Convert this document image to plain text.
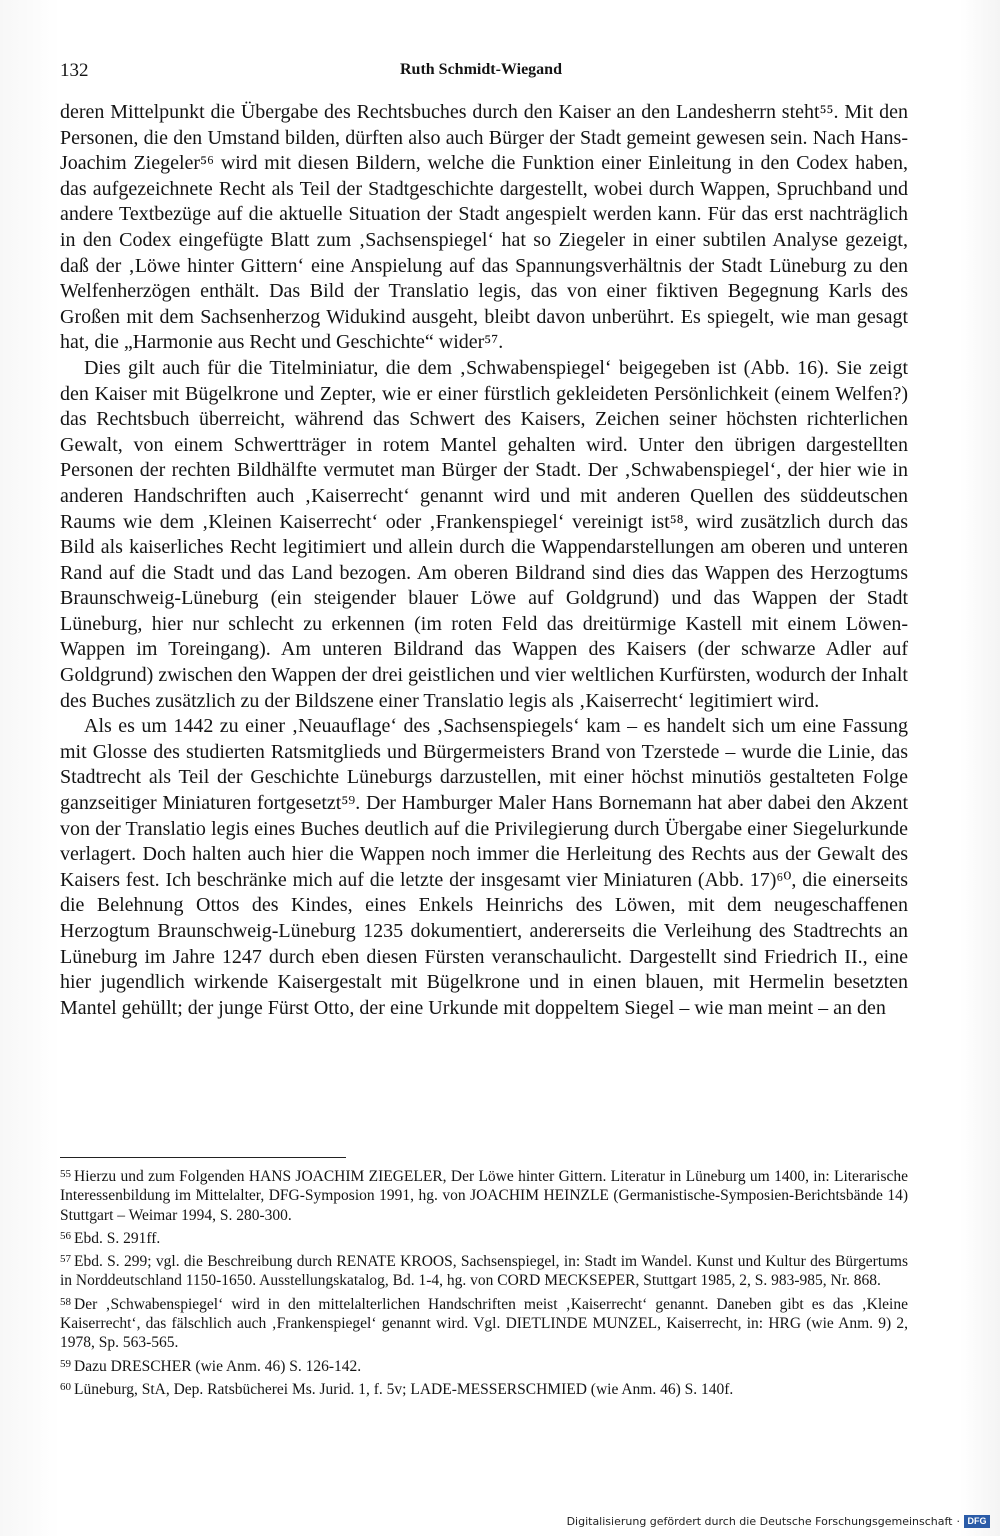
132	Ruth Schmidt-Wiegand

deren Mittelpunkt die Übergabe des Rechtsbuches durch den Kaiser an den Landesherrn steht⁵⁵. Mit den Personen, die den Umstand bilden, dürften also auch Bürger der Stadt gemeint gewesen sein. Nach Hans-Joachim Ziegeler⁵⁶ wird mit diesen Bildern, welche die Funktion einer Einleitung in den Codex haben, das aufgezeichnete Recht als Teil der Stadtgeschichte dargestellt, wobei durch Wappen, Spruchband und andere Textbezüge auf die aktuelle Situation der Stadt angespielt werden kann. Für das erst nachträglich in den Codex eingefügte Blatt zum ‚Sachsenspiegel‘ hat so Ziegeler in einer subtilen Analyse gezeigt, daß der ‚Löwe hinter Gittern‘ eine Anspielung auf das Spannungsverhältnis der Stadt Lüneburg zu den Welfenherzögen enthält. Das Bild der Translatio legis, das von einer fiktiven Begegnung Karls des Großen mit dem Sachsenherzog Widukind ausgeht, bleibt davon unberührt. Es spiegelt, wie man gesagt hat, die „Harmonie aus Recht und Geschichte“ wider⁵⁷.

Dies gilt auch für die Titelminiatur, die dem ‚Schwabenspiegel‘ beigegeben ist (Abb. 16). Sie zeigt den Kaiser mit Bügelkrone und Zepter, wie er einer fürstlich gekleideten Persönlichkeit (einem Welfen?) das Rechtsbuch überreicht, während das Schwert des Kaisers, Zeichen seiner höchsten richterlichen Gewalt, von einem Schwertträger in rotem Mantel gehalten wird. Unter den übrigen dargestellten Personen der rechten Bildhälfte vermutet man Bürger der Stadt. Der ‚Schwabenspiegel‘, der hier wie in anderen Handschriften auch ‚Kaiserrecht‘ genannt wird und mit anderen Quellen des süddeutschen Raums wie dem ‚Kleinen Kaiserrecht‘ oder ‚Frankenspiegel‘ vereinigt ist⁵⁸, wird zusätzlich durch das Bild als kaiserliches Recht legitimiert und allein durch die Wappendarstellungen am oberen und unteren Rand auf die Stadt und das Land bezogen. Am oberen Bildrand sind dies das Wappen des Herzogtums Braunschweig-Lüneburg (ein steigender blauer Löwe auf Goldgrund) und das Wappen der Stadt Lüneburg, hier nur schlecht zu erkennen (im roten Feld das dreitürmige Kastell mit einem Löwen-Wappen im Toreingang). Am unteren Bildrand das Wappen des Kaisers (der schwarze Adler auf Goldgrund) zwischen den Wappen der drei geistlichen und vier weltlichen Kurfürsten, wodurch der Inhalt des Buches zusätzlich zu der Bildszene einer Translatio legis als ‚Kaiserrecht‘ legitimiert wird.

Als es um 1442 zu einer ‚Neuauflage‘ des ‚Sachsenspiegels‘ kam – es handelt sich um eine Fassung mit Glosse des studierten Ratsmitglieds und Bürgermeisters Brand von Tzerstede – wurde die Linie, das Stadtrecht als Teil der Geschichte Lüneburgs darzustellen, mit einer höchst minutiös gestalteten Folge ganzseitiger Miniaturen fortgesetzt⁵⁹. Der Hamburger Maler Hans Bornemann hat aber dabei den Akzent von der Translatio legis eines Buches deutlich auf die Privilegierung durch Übergabe einer Siegelurkunde verlagert. Doch halten auch hier die Wappen noch immer die Herleitung des Rechts aus der Gewalt des Kaisers fest. Ich beschränke mich auf die letzte der insgesamt vier Miniaturen (Abb. 17)⁶⁰, die einerseits die Belehnung Ottos des Kindes, eines Enkels Heinrichs des Löwen, mit dem neugeschaffenen Herzogtum Braunschweig-Lüneburg 1235 dokumentiert, andererseits die Verleihung des Stadtrechts an Lüneburg im Jahre 1247 durch eben diesen Fürsten veranschaulicht. Dargestellt sind Friedrich II., eine hier jugendlich wirkende Kaisergestalt mit Bügelkrone und in einen blauen, mit Hermelin besetzten Mantel gehüllt; der junge Fürst Otto, der eine Urkunde mit doppeltem Siegel – wie man meint – an den

$^{55}$ Hierzu und zum Folgenden HANS JOACHIM ZIEGELER, Der Löwe hinter Gittern. Literatur in Lüneburg um 1400, in: Literarische Interessenbildung im Mittelalter, DFG-Symposion 1991, hg. von JOACHIM HEINZLE (Germanistische-Symposien-Berichtsbände 14) Stuttgart – Weimar 1994, S. 280-300.

$^{56}$ Ebd. S. 291ff.

$^{57}$ Ebd. S. 299; vgl. die Beschreibung durch RENATE KROOS, Sachsenspiegel, in: Stadt im Wandel. Kunst und Kultur des Bürgertums in Norddeutschland 1150-1650. Ausstellungskatalog, Bd. 1-4, hg. von CORD MECKSEPER, Stuttgart 1985, 2, S. 983-985, Nr. 868.

$^{58}$ Der ‚Schwabenspiegel‘ wird in den mittelalterlichen Handschriften meist ‚Kaiserrecht‘ genannt. Daneben gibt es das ‚Kleine Kaiserrecht‘, das fälschlich auch ‚Frankenspiegel‘ genannt wird. Vgl. DIETLINDE MUNZEL, Kaiserrecht, in: HRG (wie Anm. 9) 2, 1978, Sp. 563-565.

$^{59}$ Dazu DRESCHER (wie Anm. 46) S. 126-142.

$^{60}$ Lüneburg, StA, Dep. Ratsbücherei Ms. Jurid. 1, f. 5v; LADE-MESSERSCHMIED (wie Anm. 46) S. 140f.

Digitalisierung gefördert durch die Deutsche Forschungsgemeinschaft · DFG
